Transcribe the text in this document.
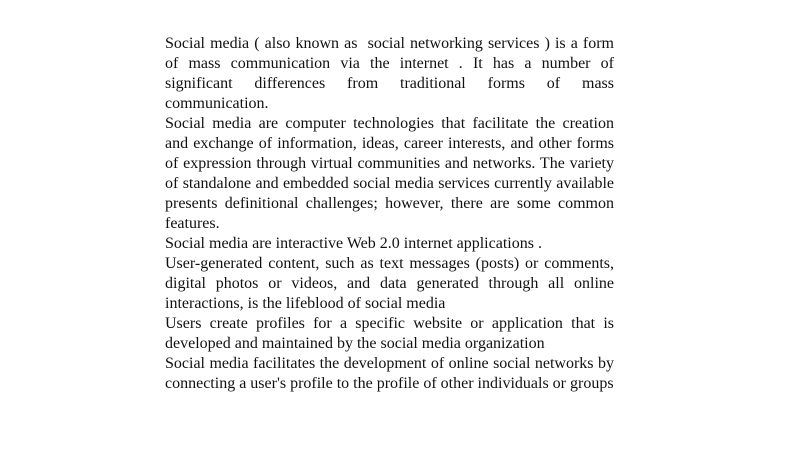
Social media ( also known as  social networking services ) is a form of mass communication via the internet . It has a number of significant differences from traditional forms of mass communication.

Social media are computer technologies that facilitate the creation and exchange of information, ideas, career interests, and other forms of expression through virtual communities and networks. The variety of standalone and embedded social media services currently available presents definitional challenges; however, there are some common features.

Social media are interactive Web 2.0 internet applications .

User-generated content, such as text messages (posts) or comments, digital photos or videos, and data generated through all online interactions, is the lifeblood of social media

Users create profiles for a specific website or application that is developed and maintained by the social media organization

Social media facilitates the development of online social networks by connecting a user's profile to the profile of other individuals or groups
